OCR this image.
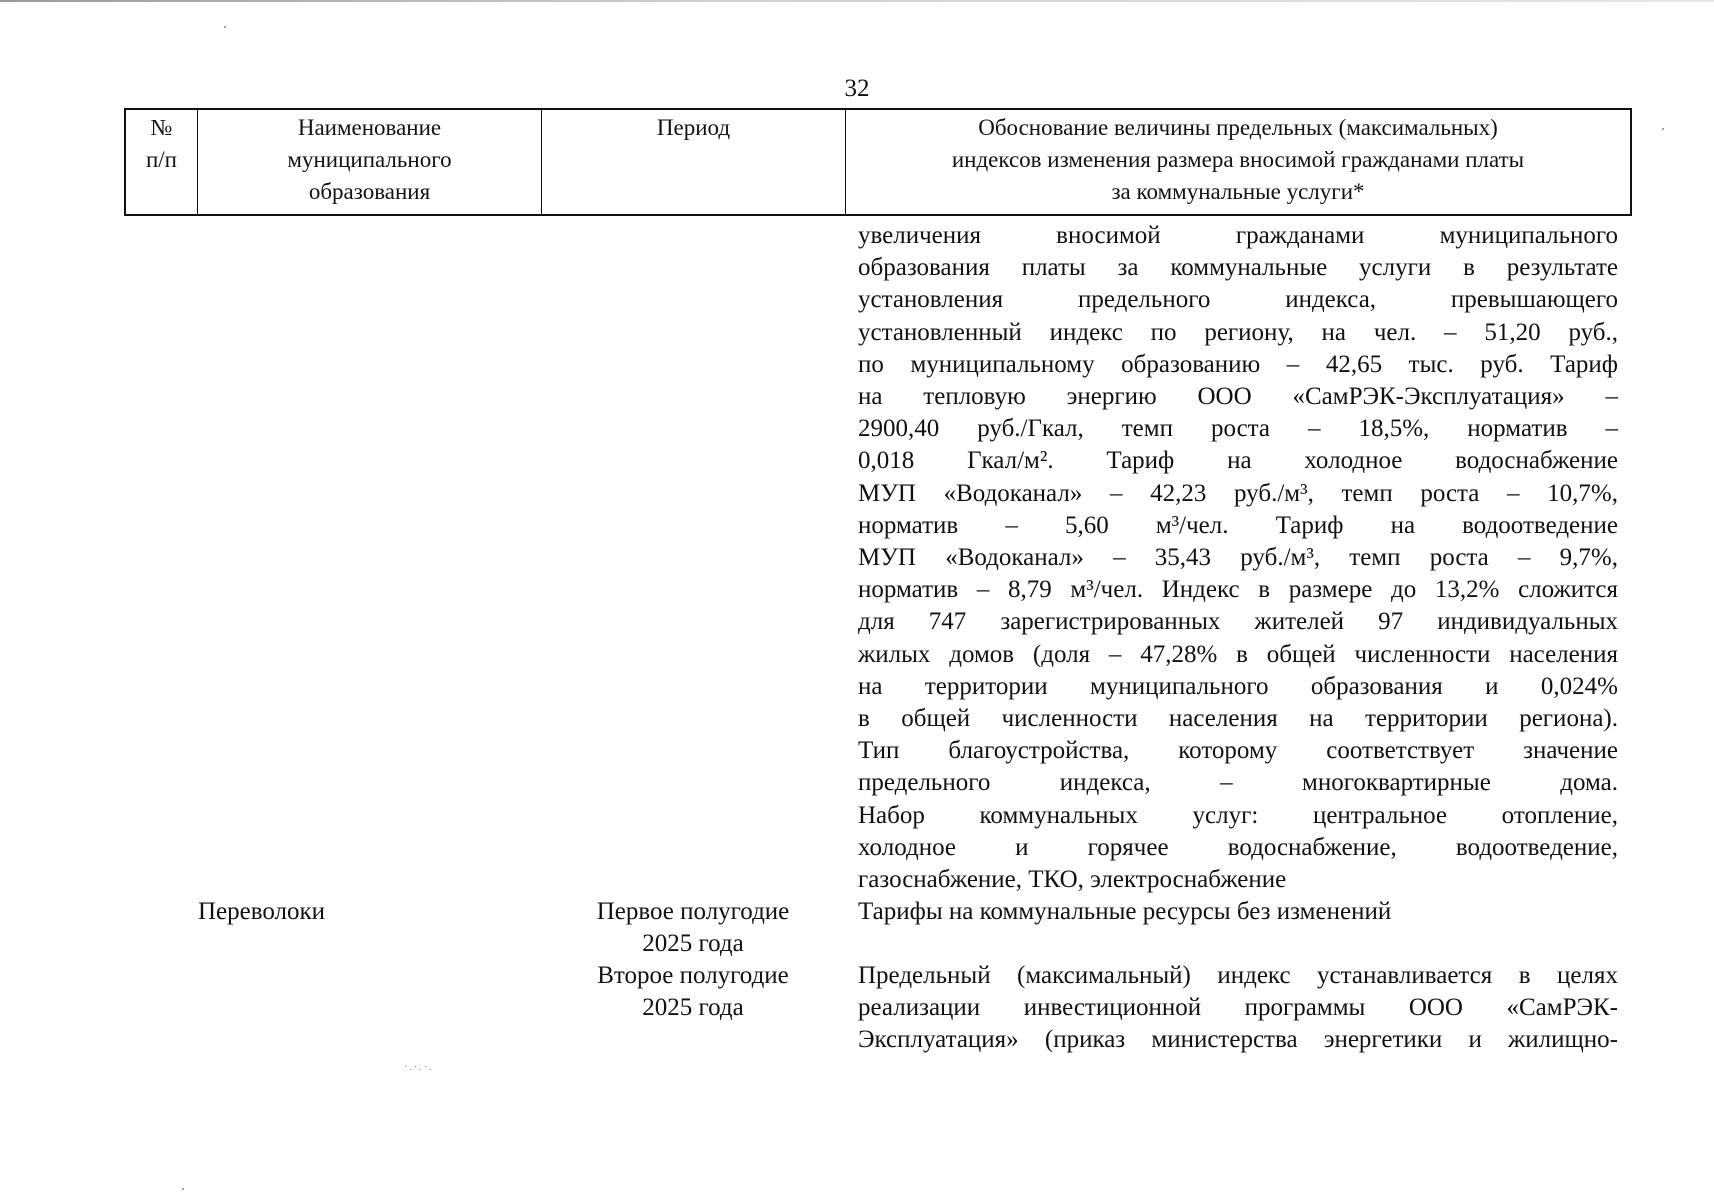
·.·.·.
32
№
п/п
Наименование
муниципального
образования
Период	Обоснование величины предельных (максимальных)
индексов изменения размера вносимой гражданами платы
за коммунальные услуги*
увеличения вносимой гражданами муниципального
образования платы за коммунальные услуги в результате
установления предельного индекса, превышающего
установленный индекс по региону, на чел. – 51,20 руб.,
по муниципальному образованию – 42,65 тыс. руб. Тариф
на тепловую энергию ООО «СамРЭК-Эксплуатация» –
2900,40 руб./Гкал, темп роста – 18,5%, норматив –
0,018 Гкал/м². Тариф на холодное водоснабжение
МУП «Водоканал» – 42,23 руб./м³, темп роста – 10,7%,
норматив – 5,60 м³/чел. Тариф на водоотведение
МУП «Водоканал» – 35,43 руб./м³, темп роста – 9,7%,
норматив – 8,79 м³/чел. Индекс в размере до 13,2% сложится
для 747 зарегистрированных жителей 97 индивидуальных
жилых домов (доля – 47,28% в общей численности населения
на территории муниципального образования и 0,024%
в общей численности населения на территории региона).
Тип благоустройства, которому соответствует значение
предельного индекса, – многоквартирные дома.
Набор коммунальных услуг: центральное отопление,
холодное и горячее водоснабжение, водоотведение,
газоснабжение, ТКО, электроснабжение
Переволоки	Первое полугодие
2025 года
Тарифы на коммунальные ресурсы без изменений
Второе полугодие
2025 года
Предельный (максимальный) индекс устанавливается в целях
реализации инвестиционной программы ООО «СамРЭК-
Эксплуатация» (приказ министерства энергетики и жилищно-
